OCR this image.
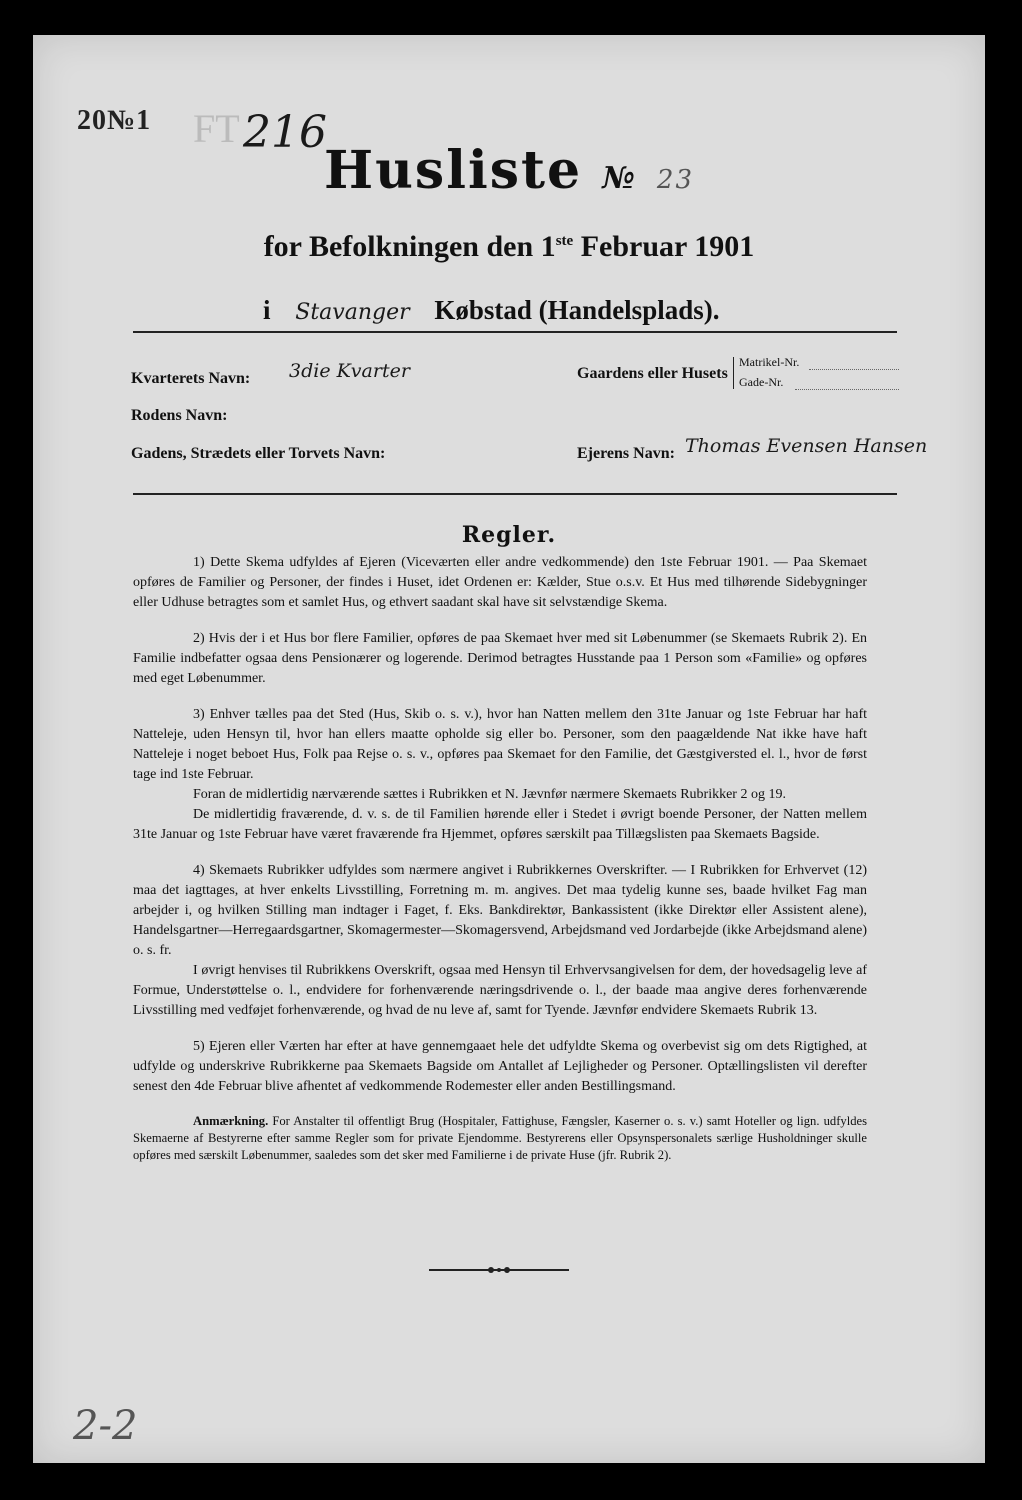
20№1 FT 216
Husliste № 23
for Befolkningen den 1ste Februar 1901
i Stavanger Købstad (Handelsplads).
Kvarterets Navn: 3die Kvarter	Gaardens eller Husets
Matrikel-Nr.
Gade-Nr.
Rodens Navn:
Gadens, Strædets eller Torvets Navn:	Ejerens Navn: Thomas Evensen Hansen
Regler.

1) Dette Skema udfyldes af Ejeren (Viceværten eller andre vedkommende) den 1ste Februar 1901. — Paa Skemaet opføres de Familier og Personer, der findes i Huset, idet Ordenen er: Kælder, Stue o.s.v. Et Hus med tilhørende Sidebygninger eller Udhuse betragtes som et samlet Hus, og ethvert saadant skal have sit selvstændige Skema.

2) Hvis der i et Hus bor flere Familier, opføres de paa Skemaet hver med sit Løbenummer (se Skemaets Rubrik 2). En Familie indbefatter ogsaa dens Pensionærer og logerende. Derimod betragtes Husstande paa 1 Person som «Familie» og opføres med eget Løbenummer.

3) Enhver tælles paa det Sted (Hus, Skib o. s. v.), hvor han Natten mellem den 31te Januar og 1ste Februar har haft Natteleje, uden Hensyn til, hvor han ellers maatte opholde sig eller bo. Personer, som den paagældende Nat ikke have haft Natteleje i noget beboet Hus, Folk paa Rejse o. s. v., opføres paa Skemaet for den Familie, det Gæstgiversted el. l., hvor de først tage ind 1ste Februar.

Foran de midlertidig nærværende sættes i Rubrikken et N. Jævnfør nærmere Skemaets Rubrikker 2 og 19.

De midlertidig fraværende, d. v. s. de til Familien hørende eller i Stedet i øvrigt boende Personer, der Natten mellem 31te Januar og 1ste Februar have været fraværende fra Hjemmet, opføres særskilt paa Tillægslisten paa Skemaets Bagside.

4) Skemaets Rubrikker udfyldes som nærmere angivet i Rubrikkernes Overskrifter. — I Rubrikken for Erhvervet (12) maa det iagttages, at hver enkelts Livsstilling, Forretning m. m. angives. Det maa tydelig kunne ses, baade hvilket Fag man arbejder i, og hvilken Stilling man indtager i Faget, f. Eks. Bankdirektør, Bankassistent (ikke Direktør eller Assistent alene), Handelsgartner—Herregaardsgartner, Skomagermester—Skomagersvend, Arbejdsmand ved Jordarbejde (ikke Arbejdsmand alene) o. s. fr.

I øvrigt henvises til Rubrikkens Overskrift, ogsaa med Hensyn til Erhvervsangivelsen for dem, der hovedsagelig leve af Formue, Understøttelse o. l., endvidere for forhenværende næringsdrivende o. l., der baade maa angive deres forhenværende Livsstilling med vedføjet forhenværende, og hvad de nu leve af, samt for Tyende. Jævnfør endvidere Skemaets Rubrik 13.

5) Ejeren eller Værten har efter at have gennemgaaet hele det udfyldte Skema og overbevist sig om dets Rigtighed, at udfylde og underskrive Rubrikkerne paa Skemaets Bagside om Antallet af Lejligheder og Personer. Optællingslisten vil derefter senest den 4de Februar blive afhentet af vedkommende Rodemester eller anden Bestillingsmand.

Anmærkning. For Anstalter til offentligt Brug (Hospitaler, Fattighuse, Fængsler, Kaserner o. s. v.) samt Hoteller og lign. udfyldes Skemaerne af Bestyrerne efter samme Regler som for private Ejendomme. Bestyrerens eller Opsynspersonalets særlige Husholdninger skulle opføres med særskilt Løbenummer, saaledes som det sker med Familierne i de private Huse (jfr. Rubrik 2).

2-2
